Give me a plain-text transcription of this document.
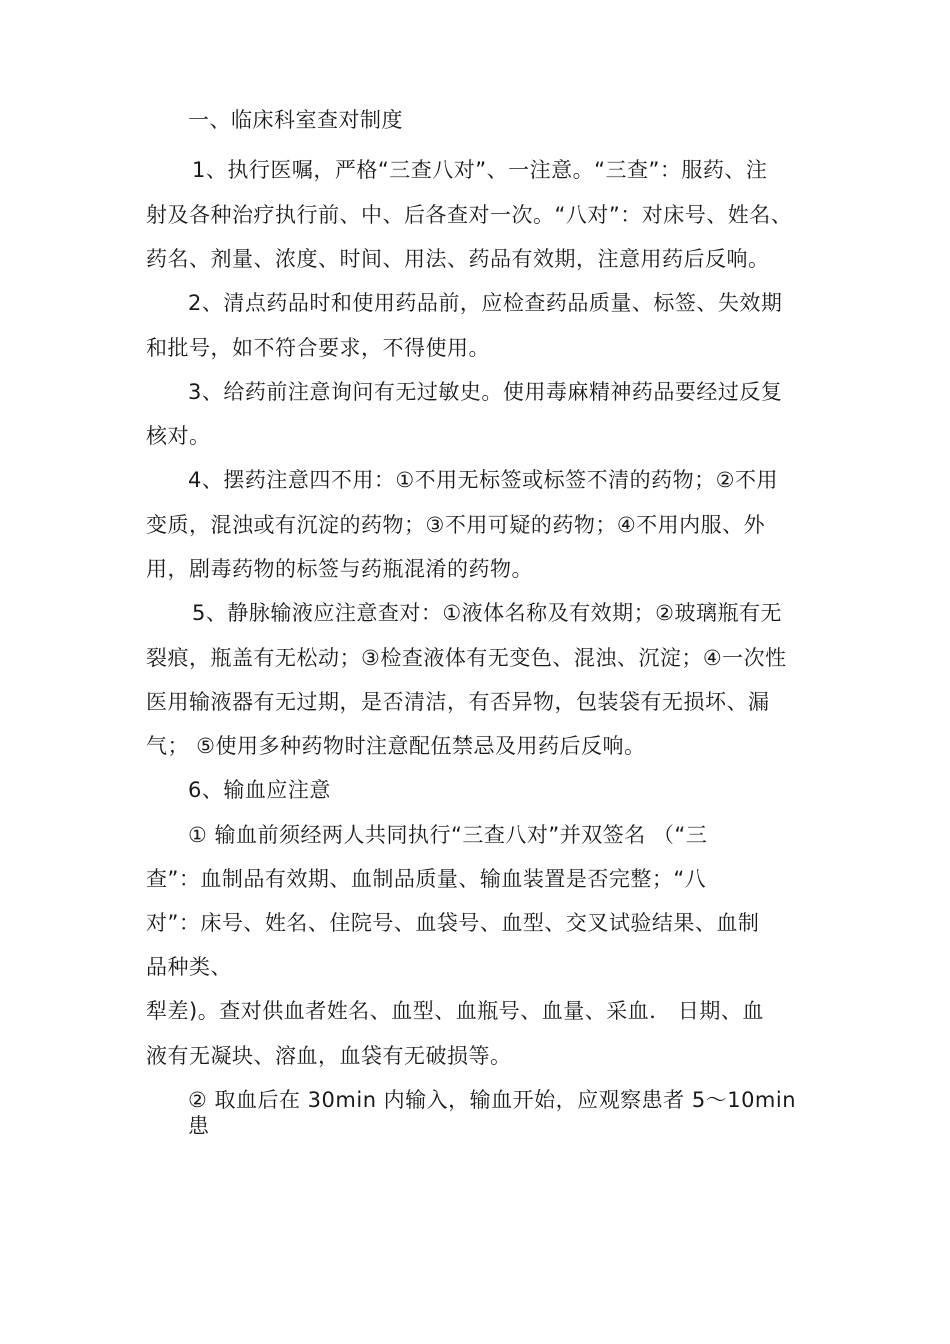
一、临床科室查对制度
1、执行医嘱，严格“三查八对”、一注意。“三查”：服药、注
射及各种治疗执行前、中、后各查对一次。“八对”：对床号、姓名、
药名、剂量、浓度、时间、用法、药品有效期，注意用药后反响。
2、清点药品时和使用药品前，应检查药品质量、标签、失效期
和批号，如不符合要求，不得使用。
3、给药前注意询问有无过敏史。使用毒麻精神药品要经过反复
核对。
4、摆药注意四不用：①不用无标签或标签不清的药物；②不用
变质，混浊或有沉淀的药物；③不用可疑的药物；④不用内服、外
用，剧毒药物的标签与药瓶混淆的药物。
5、静脉输液应注意查对：①液体名称及有效期；②玻璃瓶有无
裂痕，瓶盖有无松动；③检查液体有无变色、混浊、沉淀；④一次性
医用输液器有无过期，是否清洁，有否异物，包装袋有无损坏、漏
气； ⑤使用多种药物时注意配伍禁忌及用药后反响。
6、输血应注意
① 输血前须经两人共同执行“三查八对”并双签名 （“三
查”：血制品有效期、血制品质量、输血装置是否完整；“八
对”：床号、姓名、住院号、血袋号、血型、交叉试验结果、血制
品种类、
犁差)。查对供血者姓名、血型、血瓶号、血量、采血． 日期、血
液有无凝块、溶血，血袋有无破损等。
② 取血后在 30min 内输入，输血开始，应观察患者 5～10min
患
